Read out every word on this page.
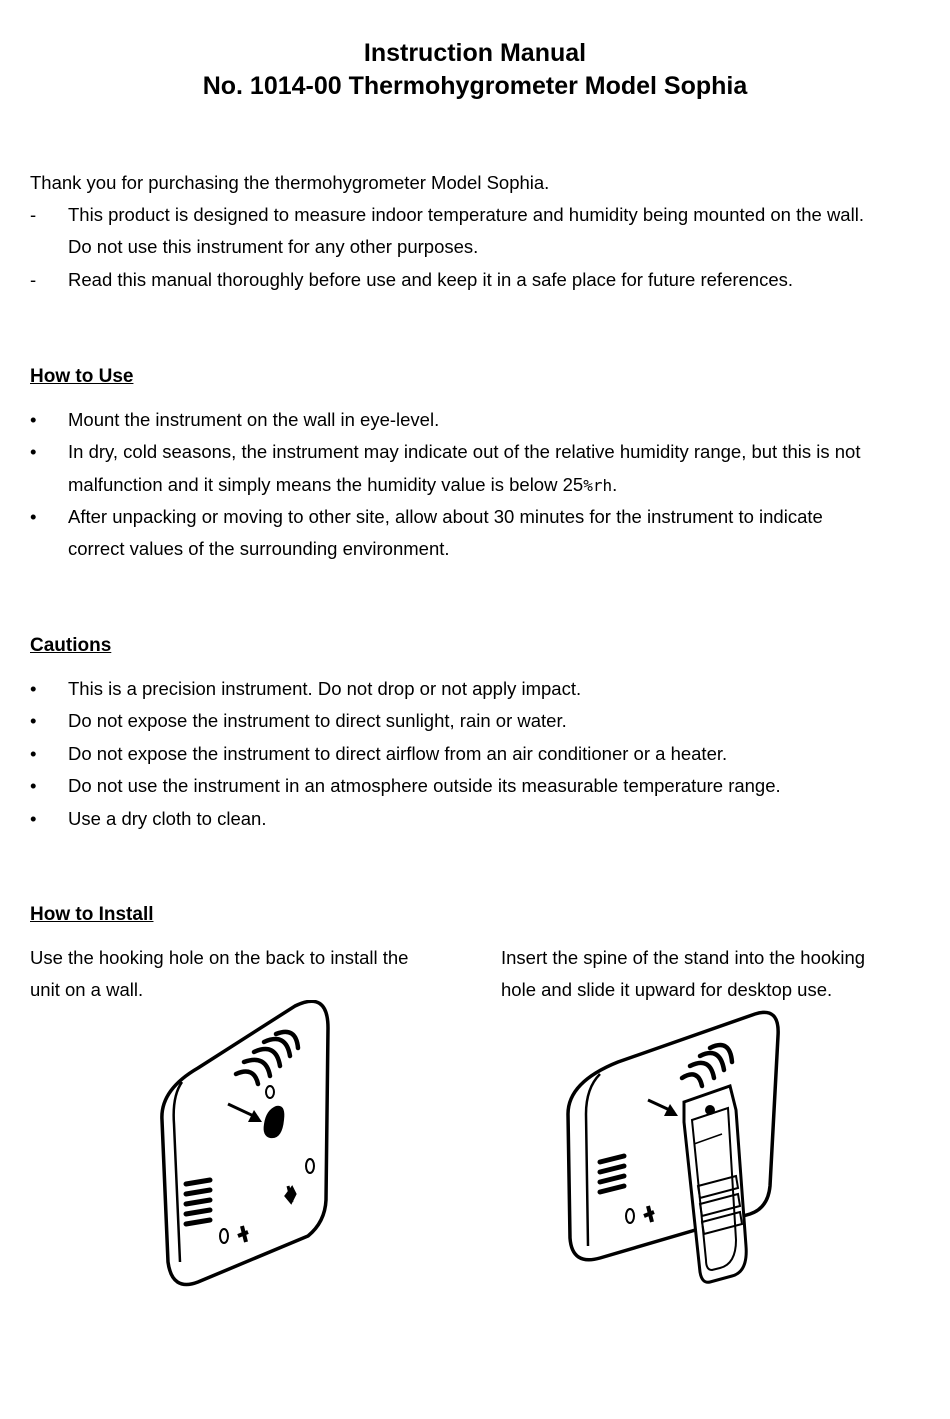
Instruction Manual
No. 1014-00 Thermohygrometer Model Sophia
Thank you for purchasing the thermohygrometer Model Sophia.
- This product is designed to measure indoor temperature and humidity being mounted on the wall.
Do not use this instrument for any other purposes.
- Read this manual thoroughly before use and keep it in a safe place for future references.
How to Use
• Mount the instrument on the wall in eye-level.
• In dry, cold seasons, the instrument may indicate out of the relative humidity range, but this is not
malfunction and it simply means the humidity value is below 25%rh.
• After unpacking or moving to other site, allow about 30 minutes for the instrument to indicate
correct values of the surrounding environment.
Cautions
• This is a precision instrument. Do not drop or not apply impact.
• Do not expose the instrument to direct sunlight, rain or water.
• Do not expose the instrument to direct airflow from an air conditioner or a heater.
• Do not use the instrument in an atmosphere outside its measurable temperature range.
• Use a dry cloth to clean.
How to Install
Use the hooking hole on the back to install the
unit on a wall.
Insert the spine of the stand into the hooking
hole and slide it upward for desktop use.
